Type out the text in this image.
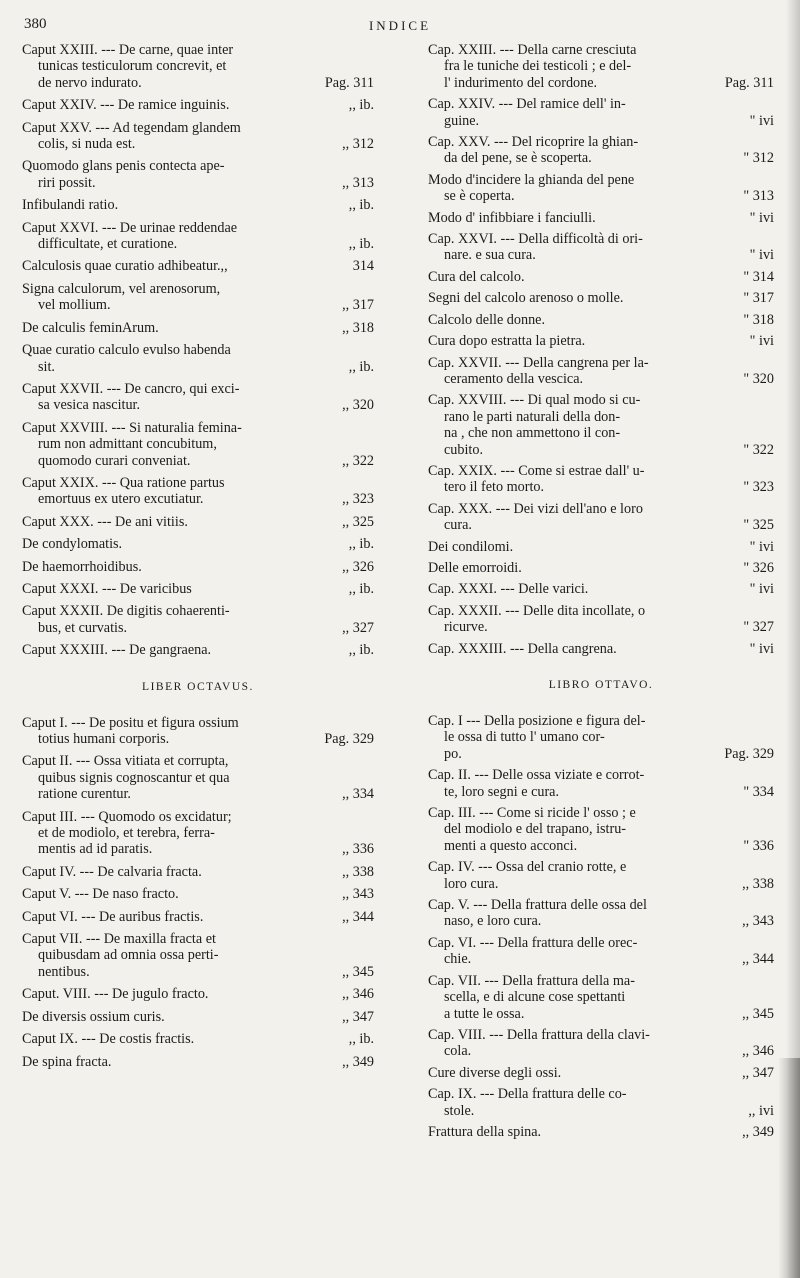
380	INDICE
Caput XXIII. --- De carne, quae inter
tunicas testiculorum concrevit, et
de nervo indurato.	Pag. 311
Caput XXIV. --- De ramice inguinis.	,, ib.
Caput XXV. --- Ad tegendam glandem
colis, si nuda est.	,, 312
Quomodo glans penis contecta ape-
riri possit.	,, 313
Infibulandi ratio.	,, ib.
Caput XXVI. --- De urinae reddendae
difficultate, et curatione.	,, ib.
Calculosis quae curatio adhibeatur.,,	314
Signa calculorum, vel arenosorum,
vel mollium.	,, 317
De calculis feminArum.	,, 318
Quae curatio calculo evulso habenda
sit.	,, ib.
Caput XXVII. --- De cancro, qui exci-
sa vesica nascitur.	,, 320
Caput XXVIII. --- Si naturalia femina-
rum non admittant concubitum,
quomodo curari conveniat.	,, 322
Caput XXIX. --- Qua ratione partus
emortuus ex utero excutiatur.	,, 323
Caput XXX. --- De ani vitiis.	,, 325
De condylomatis.	,, ib.
De haemorrhoidibus.	,, 326
Caput XXXI. --- De varicibus	,, ib.
Caput XXXII. De digitis cohaerenti-
bus, et curvatis.	,, 327
Caput XXXIII. --- De gangraena.	,, ib.
LIBER OCTAVUS.
Caput I. --- De positu et figura ossium
totius humani corporis.	Pag. 329
Caput II. --- Ossa vitiata et corrupta,
quibus signis cognoscantur et qua
ratione curentur.	,, 334
Caput III. --- Quomodo os excidatur;
et de modiolo, et terebra, ferra-
mentis ad id paratis.	,, 336
Caput IV. --- De calvaria fracta.	,, 338
Caput V. --- De naso fracto.	,, 343
Caput VI. --- De auribus fractis.	,, 344
Caput VII. --- De maxilla fracta et
quibusdam ad omnia ossa perti-
nentibus.	,, 345
Caput. VIII. --- De jugulo fracto.	,, 346
De diversis ossium curis.	,, 347
Caput IX. --- De costis fractis.	,, ib.
De spina fracta.	,, 349
Cap. XXIII. --- Della carne cresciuta
fra le tuniche dei testicoli ; e del-
l' indurimento del cordone.	Pag. 311
Cap. XXIV. --- Del ramice dell' in-
guine.	" ivi
Cap. XXV. --- Del ricoprire la ghian-
da del pene, se è scoperta.	" 312
Modo d'incidere la ghianda del pene
se è coperta.	" 313
Modo d' infibbiare i fanciulli.	" ivi
Cap. XXVI. --- Della difficoltà di ori-
nare. e sua cura.	" ivi
Cura del calcolo.	" 314
Segni del calcolo arenoso o molle.	" 317
Calcolo delle donne.	" 318
Cura dopo estratta la pietra.	" ivi
Cap. XXVII. --- Della cangrena per la-
ceramento della vescica.	" 320
Cap. XXVIII. --- Di qual modo si cu-
rano le parti naturali della don-
na , che non ammettono il con-
cubito.	" 322
Cap. XXIX. --- Come si estrae dall' u-
tero il feto morto.	" 323
Cap. XXX. --- Dei vizi dell'ano e loro
cura.	" 325
Dei condilomi.	" ivi
Delle emorroidi.	" 326
Cap. XXXI. --- Delle varici.	" ivi
Cap. XXXII. --- Delle dita incollate, o
ricurve.	" 327
Cap. XXXIII. --- Della cangrena.	" ivi
LIBRO OTTAVO.
Cap. I --- Della posizione e figura del-
le ossa di tutto l' umano cor-
po.	Pag. 329
Cap. II. --- Delle ossa viziate e corrot-
te, loro segni e cura.	" 334
Cap. III. --- Come si ricide l' osso ; e
del modiolo e del trapano, istru-
menti a questo acconci.	" 336
Cap. IV. --- Ossa del cranio rotte, e
loro cura.	,, 338
Cap. V. --- Della frattura delle ossa del
naso, e loro cura.	,, 343
Cap. VI. --- Della frattura delle orec-
chie.	,, 344
Cap. VII. --- Della frattura della ma-
scella, e di alcune cose spettanti
a tutte le ossa.	,, 345
Cap. VIII. --- Della frattura della clavi-
cola.	,, 346
Cure diverse degli ossi.	,, 347
Cap. IX. --- Della frattura delle co-
stole.	,, ivi
Frattura della spina.	,, 349
